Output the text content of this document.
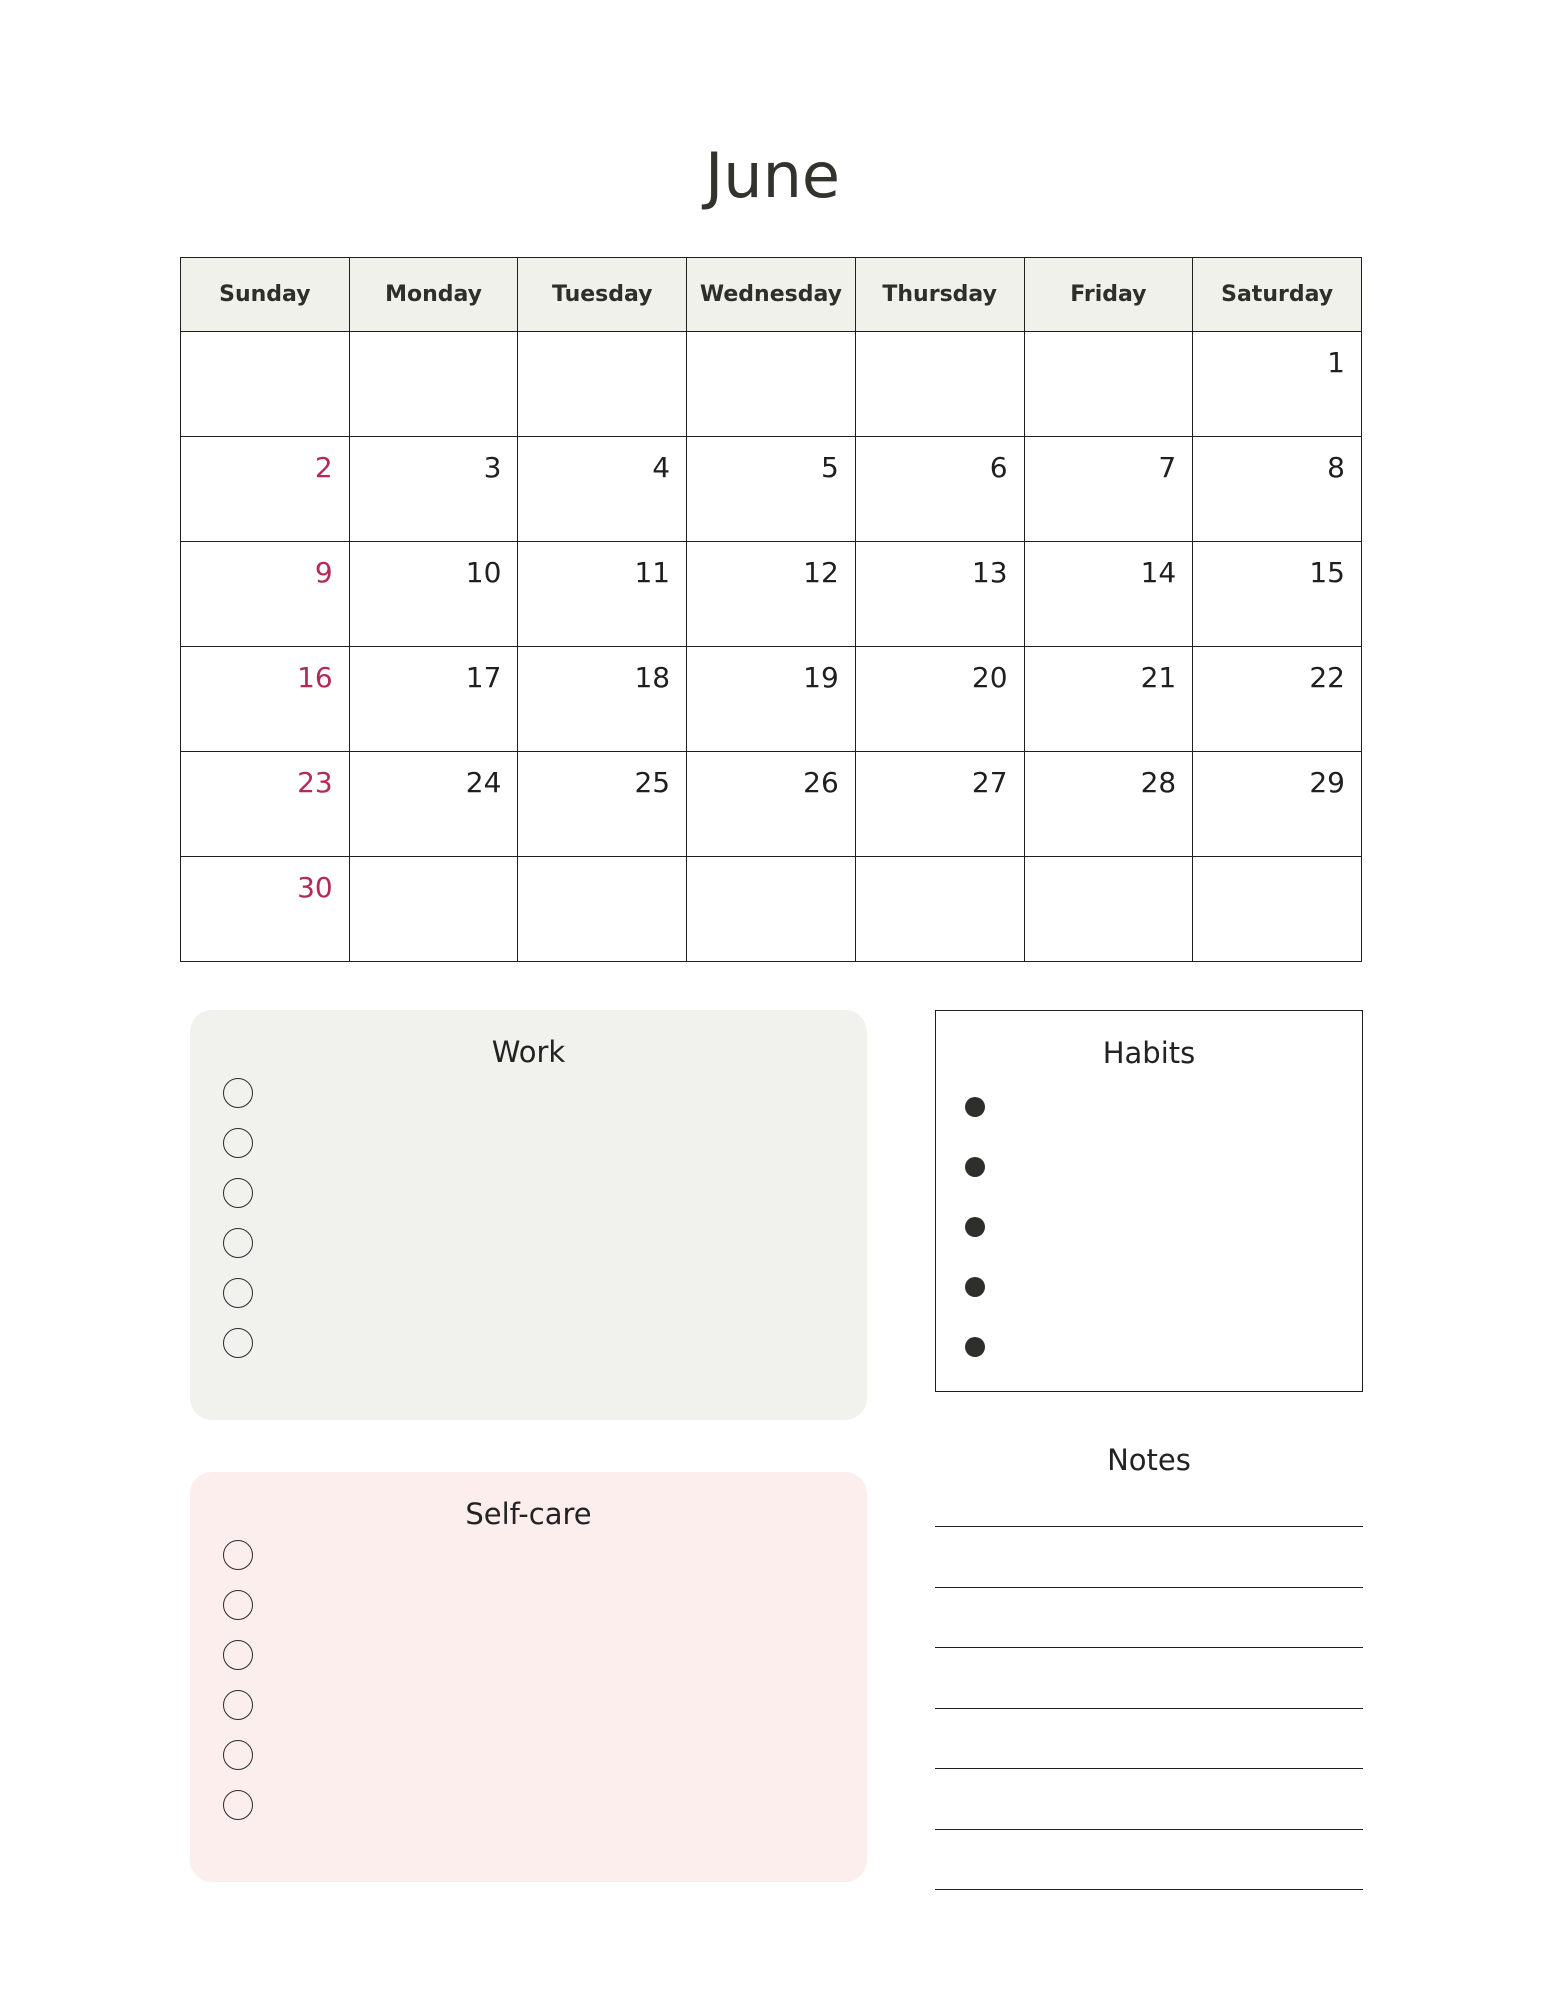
June
Sunday	Monday	Tuesday	Wednesday	Thursday	Friday	Saturday

						1

2	3	4	5	6	7	8

9	10	11	12	13	14	15

16	17	18	19	20	21	22

23	24	25	26	27	28	29

30						

Work
Self-care
Habits
Notes
